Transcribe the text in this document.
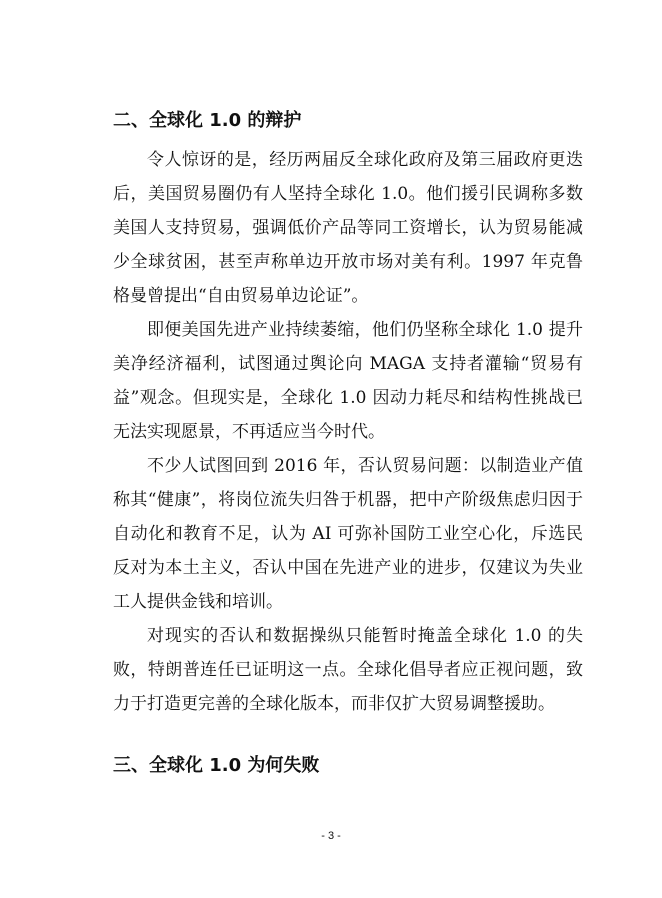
二、全球化 1.0 的辩护

令人惊讶的是，经历两届反全球化政府及第三届政府更迭后，美国贸易圈仍有人坚持全球化 1.0。他们援引民调称多数美国人支持贸易，强调低价产品等同工资增长，认为贸易能减少全球贫困，甚至声称单边开放市场对美有利。1997 年克鲁格曼曾提出“自由贸易单边论证”。

即便美国先进产业持续萎缩，他们仍坚称全球化 1.0 提升美净经济福利，试图通过舆论向 MAGA 支持者灌输“贸易有益”观念。但现实是，全球化 1.0 因动力耗尽和结构性挑战已无法实现愿景，不再适应当今时代。

不少人试图回到 2016 年，否认贸易问题：以制造业产值称其“健康”，将岗位流失归咎于机器，把中产阶级焦虑归因于自动化和教育不足，认为 AI 可弥补国防工业空心化，斥选民反对为本土主义，否认中国在先进产业的进步，仅建议为失业工人提供金钱和培训。

对现实的否认和数据操纵只能暂时掩盖全球化 1.0 的失败，特朗普连任已证明这一点。全球化倡导者应正视问题，致力于打造更完善的全球化版本，而非仅扩大贸易调整援助。

三、全球化 1.0 为何失败
- 3 -
